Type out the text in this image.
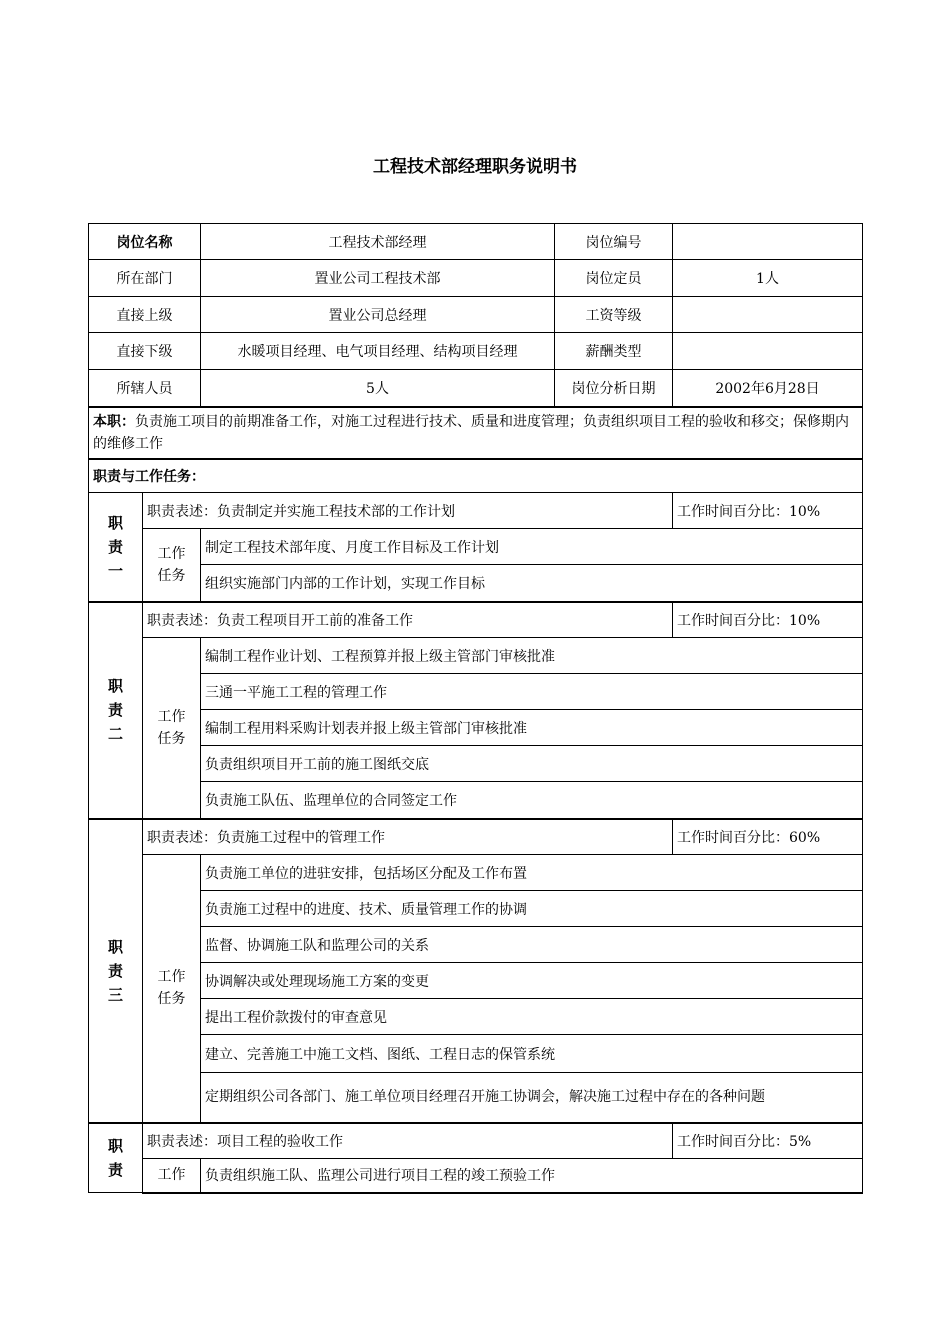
工程技术部经理职务说明书
岗位名称		工程技术部经理	岗位编号	
所在部门		置业公司工程技术部	岗位定员	1人
直接上级		置业公司总经理	工资等级	
直接下级		水暖项目经理、电气项目经理、结构项目经理	薪酬类型	
所辖人员		5人	岗位分析日期	2002年6月28日
本职：负责施工项目的前期准备工作，对施工过程进行技术、质量和进度管理；负责组织项目工程的验收和移交；保修期内的维修工作				
职责与工作任务：				
职
责
一	职责表述：负责制定并实施工程技术部的工作计划			工作时间百分比：10%
	工作
任务	制定工程技术部年度、月度工作目标及工作计划		
		组织实施部门内部的工作计划，实现工作目标		
职
责
二	职责表述：负责工程项目开工前的准备工作			工作时间百分比：10%
	工作
任务	编制工程作业计划、工程预算并报上级主管部门审核批准		
		三通一平施工工程的管理工作		
		编制工程用料采购计划表并报上级主管部门审核批准		
		负责组织项目开工前的施工图纸交底		
		负责施工队伍、监理单位的合同签定工作		
职
责
三	职责表述：负责施工过程中的管理工作			工作时间百分比：60%
	工作
任务	负责施工单位的进驻安排，包括场区分配及工作布置		
		负责施工过程中的进度、技术、质量管理工作的协调		
		监督、协调施工队和监理公司的关系		
		协调解决或处理现场施工方案的变更		
		提出工程价款拨付的审查意见		
		建立、完善施工中施工文档、图纸、工程日志的保管系统		
		定期组织公司各部门、施工单位项目经理召开施工协调会，解决施工过程中存在的各种问题		
职责	职责表述：项目工程的验收工作			工作时间百分比：5%
	工作	负责组织施工队、监理公司进行项目工程的竣工预验工作		
